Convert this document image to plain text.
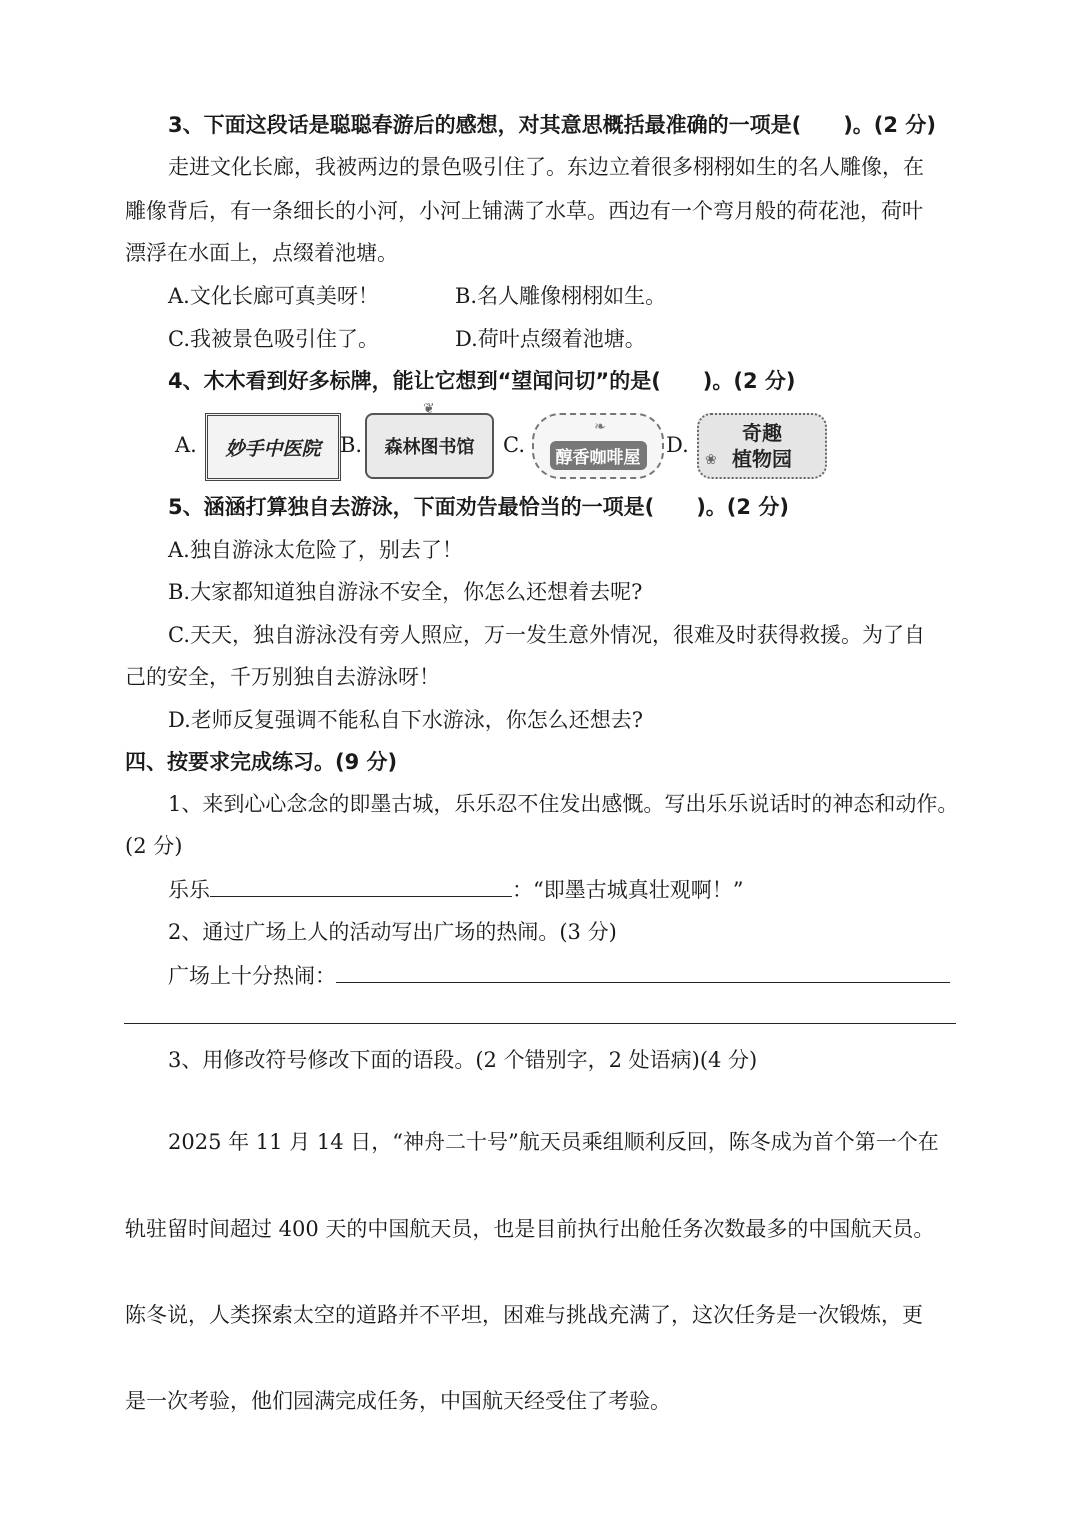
3、下面这段话是聪聪春游后的感想，对其意思概括最准确的一项是(　　)。(2 分)
走进文化长廊，我被两边的景色吸引住了。东边立着很多栩栩如生的名人雕像，在
雕像背后，有一条细长的小河，小河上铺满了水草。西边有一个弯月般的荷花池，荷叶
漂浮在水面上，点缀着池塘。
A.文化长廊可真美呀！	B.名人雕像栩栩如生。
C.我被景色吸引住了。	D.荷叶点缀着池塘。
4、木木看到好多标牌，能让它想到“望闻问切”的是(　　)。(2 分)
A. 妙手中医院 B.
❦
森林图书馆 C.
❧
醇香咖啡屋
D.	奇趣
植物园
❀
5、涵涵打算独自去游泳，下面劝告最恰当的一项是(　　)。(2 分)
A.独自游泳太危险了，别去了！
B.大家都知道独自游泳不安全，你怎么还想着去呢?
C.天天，独自游泳没有旁人照应，万一发生意外情况，很难及时获得救援。为了自
己的安全，千万别独自去游泳呀！
D.老师反复强调不能私自下水游泳，你怎么还想去?
四、按要求完成练习。(9 分)
1、来到心心念念的即墨古城，乐乐忍不住发出感慨。写出乐乐说话时的神态和动作。
(2 分)
乐乐	：“即墨古城真壮观啊！”
2、通过广场上人的活动写出广场的热闹。(3 分)
广场上十分热闹：
3、用修改符号修改下面的语段。(2 个错别字，2 处语病)(4 分)
2025 年 11 月 14 日，“神舟二十号”航天员乘组顺利反回，陈冬成为首个第一个在
轨驻留时间超过 400 天的中国航天员，也是目前执行出舱任务次数最多的中国航天员。
陈冬说，人类探索太空的道路并不平坦，困难与挑战充满了，这次任务是一次锻炼，更
是一次考验，他们园满完成任务，中国航天经受住了考验。
